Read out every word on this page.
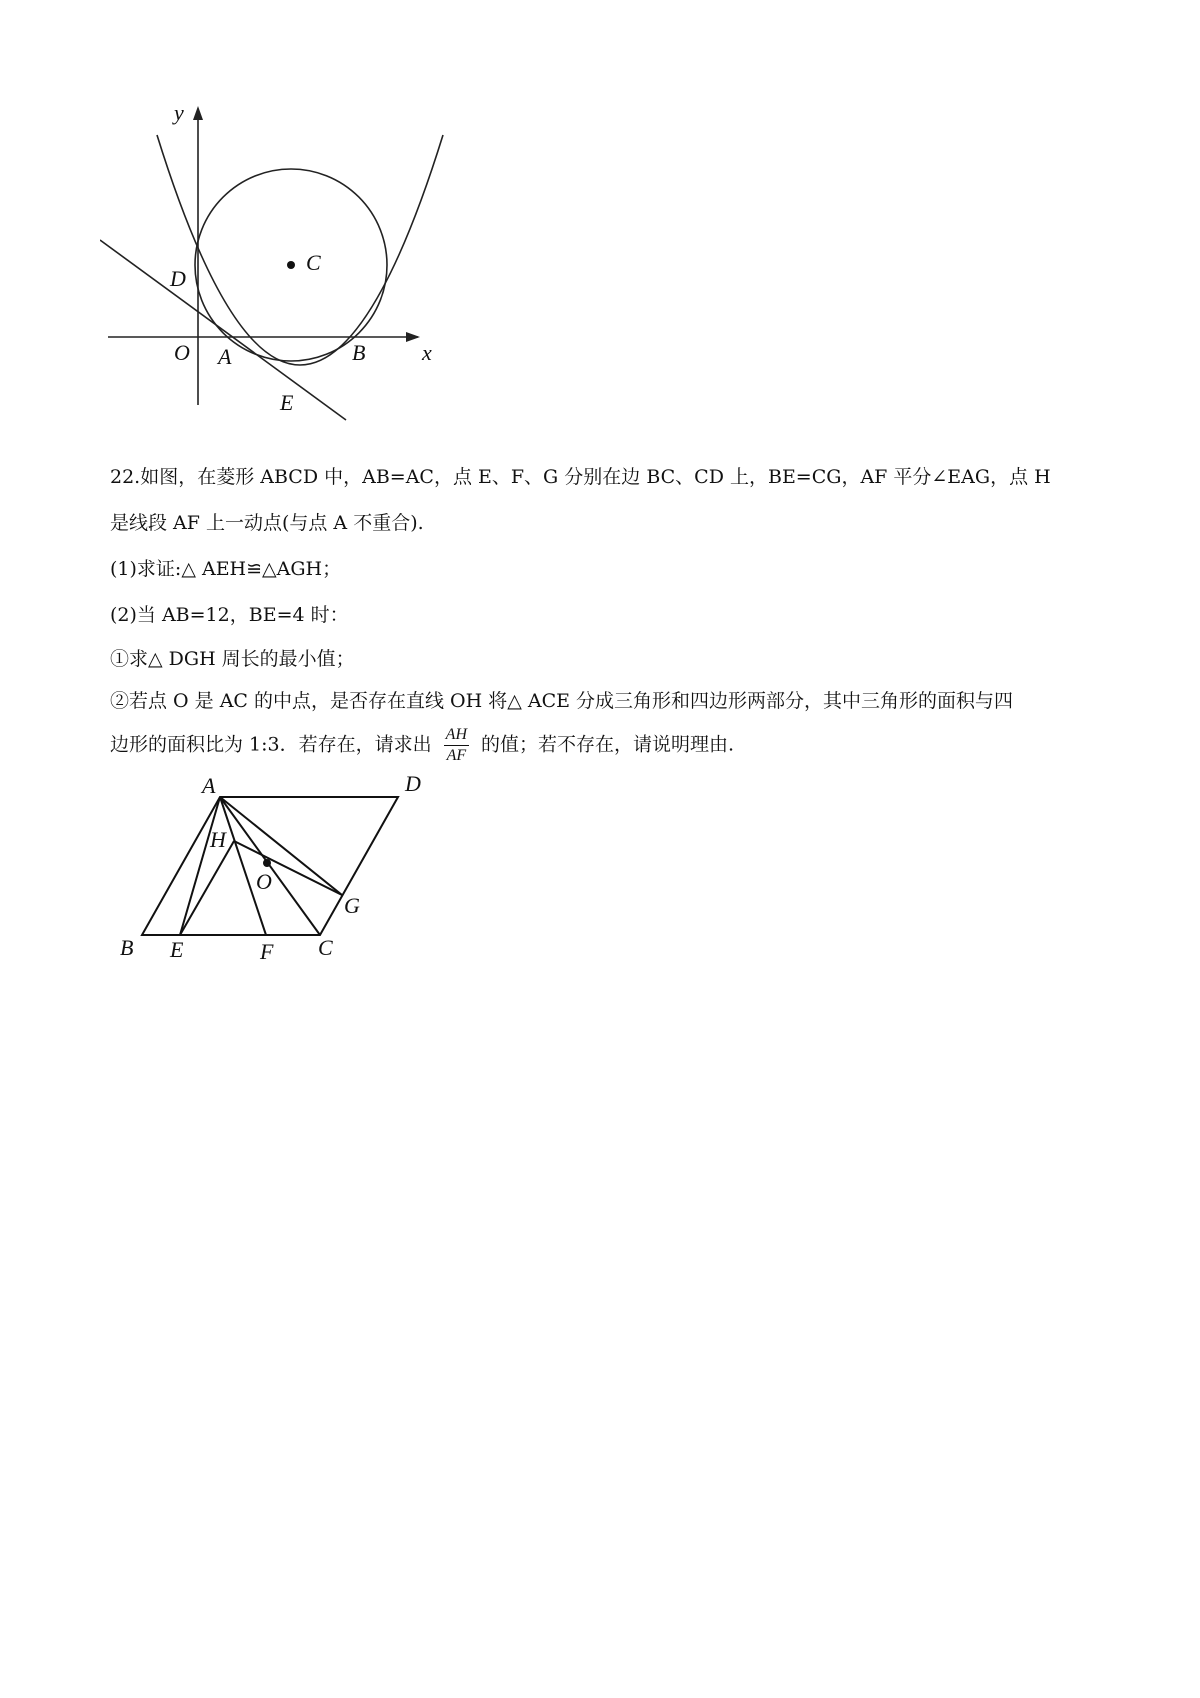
y
x
O A	B
C
D
E
22.如图，在菱形 ABCD 中，AB=AC，点 E、F、G 分别在边 BC、CD 上，BE=CG，AF 平分∠EAG，点 H
是线段 AF 上一动点(与点 A 不重合).
(1)求证:△ AEH≌△AGH；
(2)当 AB=12，BE=4 时：
①求△ DGH 周长的最小值；
②若点 O 是 AC 的中点，是否存在直线 OH 将△ ACE 分成三角形和四边形两部分，其中三角形的面积与四
边形的面积比为 1:3．若存在，请求出 $\frac{AH}{AF}$ 的值；若不存在，请说明理由.
A	D
B E	F C
G
H
O
